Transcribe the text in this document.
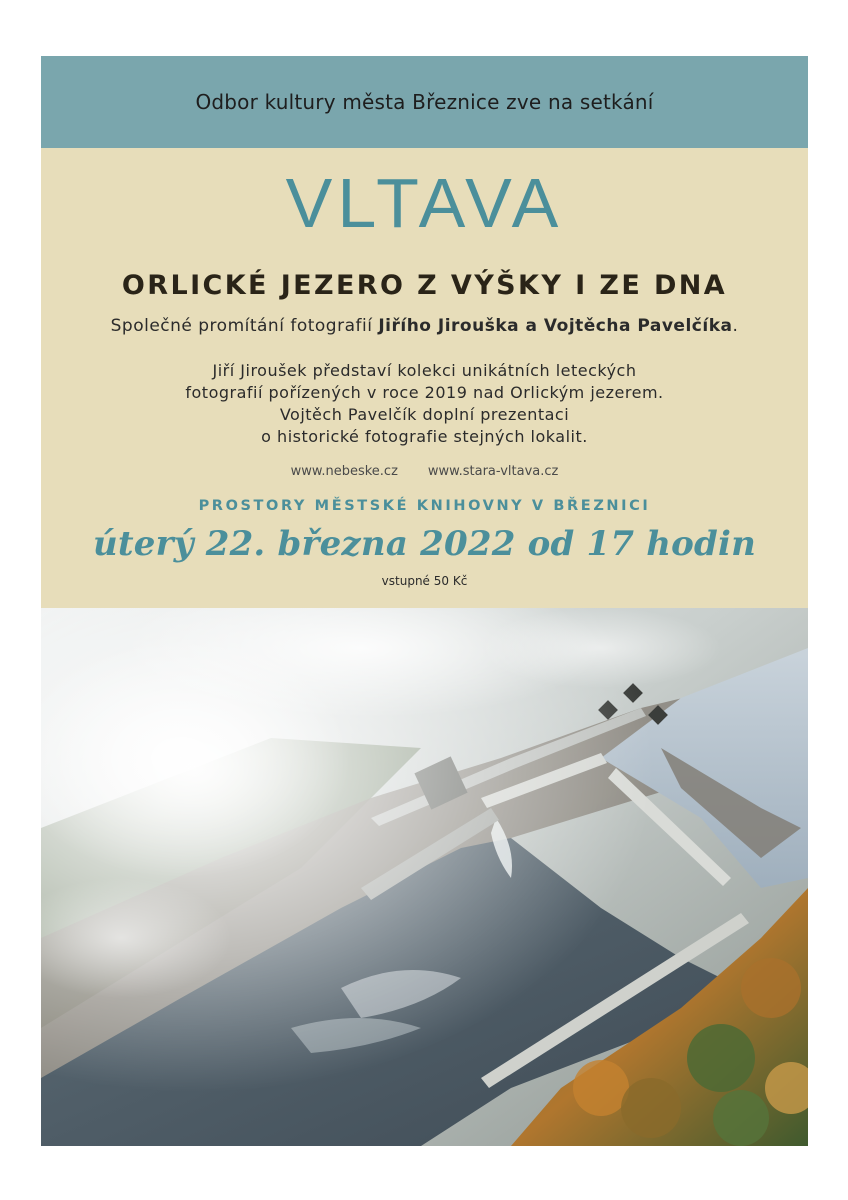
Odbor kultury města Březnice zve na setkání
VLTAVA
ORLICKÉ JEZERO Z VÝŠKY I ZE DNA
Společné promítání fotografií Jiřího Jirouška a Vojtěcha Pavelčíka.
Jiří Jiroušek představí kolekci unikátních leteckých
fotografií pořízených v roce 2019 nad Orlickým jezerem.
Vojtěch Pavelčík doplní prezentaci
o historické fotografie stejných lokalit.
www.nebeske.cz www.stara-vltava.cz
PROSTORY MĚSTSKÉ KNIHOVNY V BŘEZNICI
úterý 22. března 2022 od 17 hodin
vstupné 50 Kč
